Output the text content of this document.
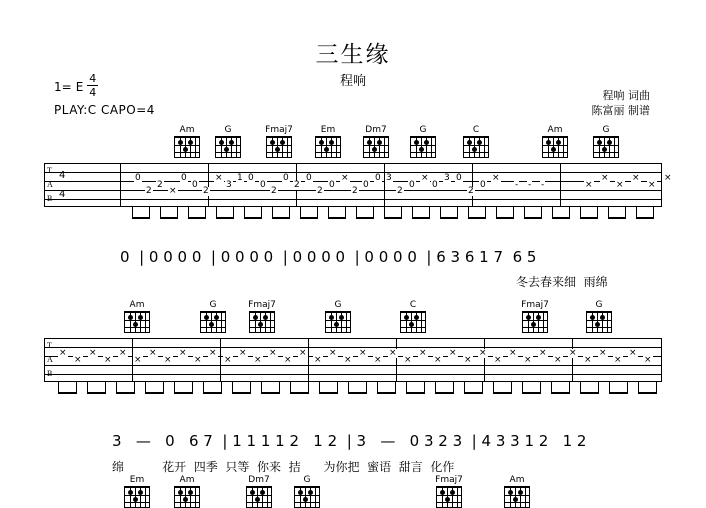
三生缘
程响
1= E $\frac{4}{4}$
PLAY:C CAPO=4
程响 词曲
陈富丽 制谱
T
A
B
4
4
0
2
2
×
0
0
2
×
3
1 0
0
2
0
2
0
2
0
×
2
0
0 3
2
0
×
0
3 0
2
0
×
- - -	×
×
×
×
×
×
0  | 0 0 0 0  | 0 0 0 0  | 0 0 0 0  | 0 0 0 0  | 6 3 6 1 7  6 5
冬去春来细  雨绵
T
A
B
×
×
×
×
×
×
×
×
×
×
×
×
×
×
×
×
×
×
×
×
×
×
×
×
×
×
×
×
×
×
×
×
×
×
×
×
×
×
×
×
3   —   0   6 7  | 1 1 1 1 2   1 2  | 3   —   0 3 2 3  | 4 3 3 1 2   1 2
绵          花开  四季  只等  你来  拮      为你把  蜜语  甜言  化作
Am	G	Fmaj7	Em	Dm7	G	C	Am	G
Am	G	Fmaj7	G	C	Fmaj7	G
Em	Am	Dm7	G	Fmaj7	Am
